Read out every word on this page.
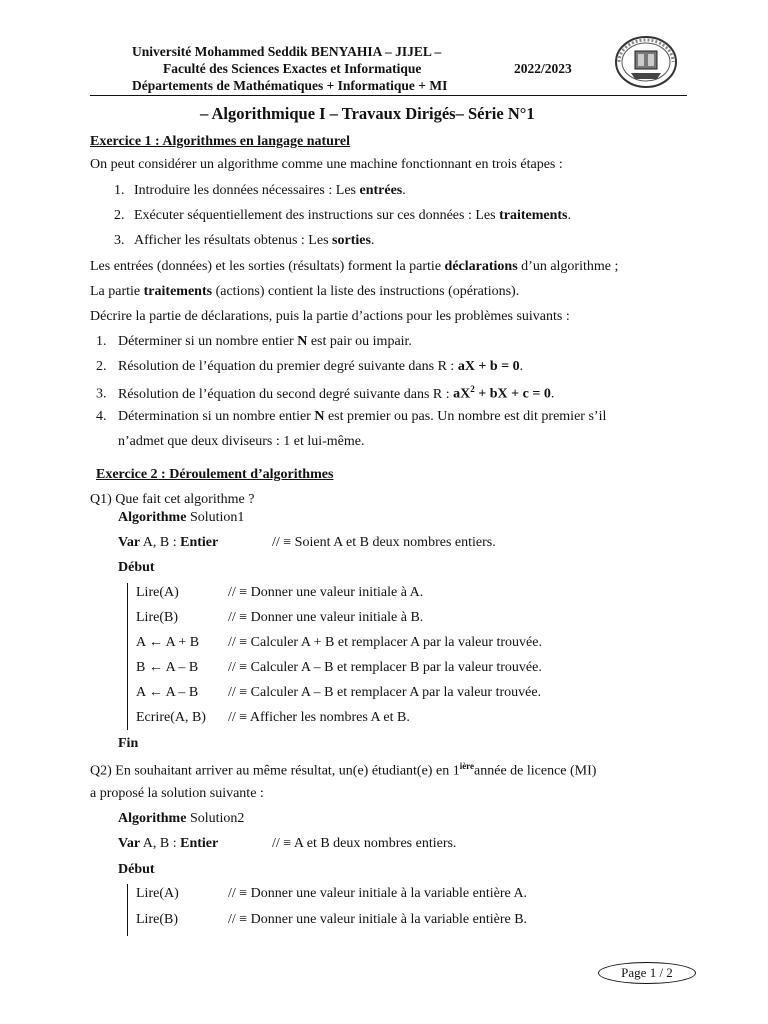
Université Mohammed Seddik BENYAHIA – JIJEL –
Faculté des Sciences Exactes et Informatique	2022/2023
Départements de Mathématiques + Informatique + MI
– Algorithmique I – Travaux Dirigés– Série N°1
Exercice 1 : Algorithmes en langage naturel
On peut considérer un algorithme comme une machine fonctionnant en trois étapes :
1. Introduire les données nécessaires : Les entrées.
2. Exécuter séquentiellement des instructions sur ces données : Les traitements.
3. Afficher les résultats obtenus : Les sorties.
Les entrées (données) et les sorties (résultats) forment la partie déclarations d’un algorithme ;
La partie traitements (actions) contient la liste des instructions (opérations).
Décrire la partie de déclarations, puis la partie d’actions pour les problèmes suivants :
1. Déterminer si un nombre entier N est pair ou impair.
2. Résolution de l’équation du premier degré suivante dans R : aX + b = 0.
3. Résolution de l’équation du second degré suivante dans R : $aX^2$ + bX + c = 0.
4. Détermination si un nombre entier N est premier ou pas. Un nombre est dit premier s’il
n’admet que deux diviseurs : 1 et lui-même.
Exercice 2 : Déroulement d’algorithmes
Q1) Que fait cet algorithme ?
Algorithme Solution1
Var A, B : Entier	// ≡ Soient A et B deux nombres entiers.
Début
Lire(A)	// ≡ Donner une valeur initiale à A.
Lire(B)	// ≡ Donner une valeur initiale à B.
A ← A + B // ≡ Calculer A + B et remplacer A par la valeur trouvée.
B ← A – B // ≡ Calculer A – B et remplacer B par la valeur trouvée.
A ← A – B // ≡ Calculer A – B et remplacer A par la valeur trouvée.
Ecrire(A, B) // ≡ Afficher les nombres A et B.
Fin
Q2) En souhaitant arriver au même résultat, un(e) étudiant(e) en $1^{ière}année$ de licence (MI)
a proposé la solution suivante :
Algorithme Solution2
Var A, B : Entier	// ≡ A et B deux nombres entiers.
Début
Lire(A)	// ≡ Donner une valeur initiale à la variable entière A.
Lire(B)	// ≡ Donner une valeur initiale à la variable entière B.
Page 1 / 2
